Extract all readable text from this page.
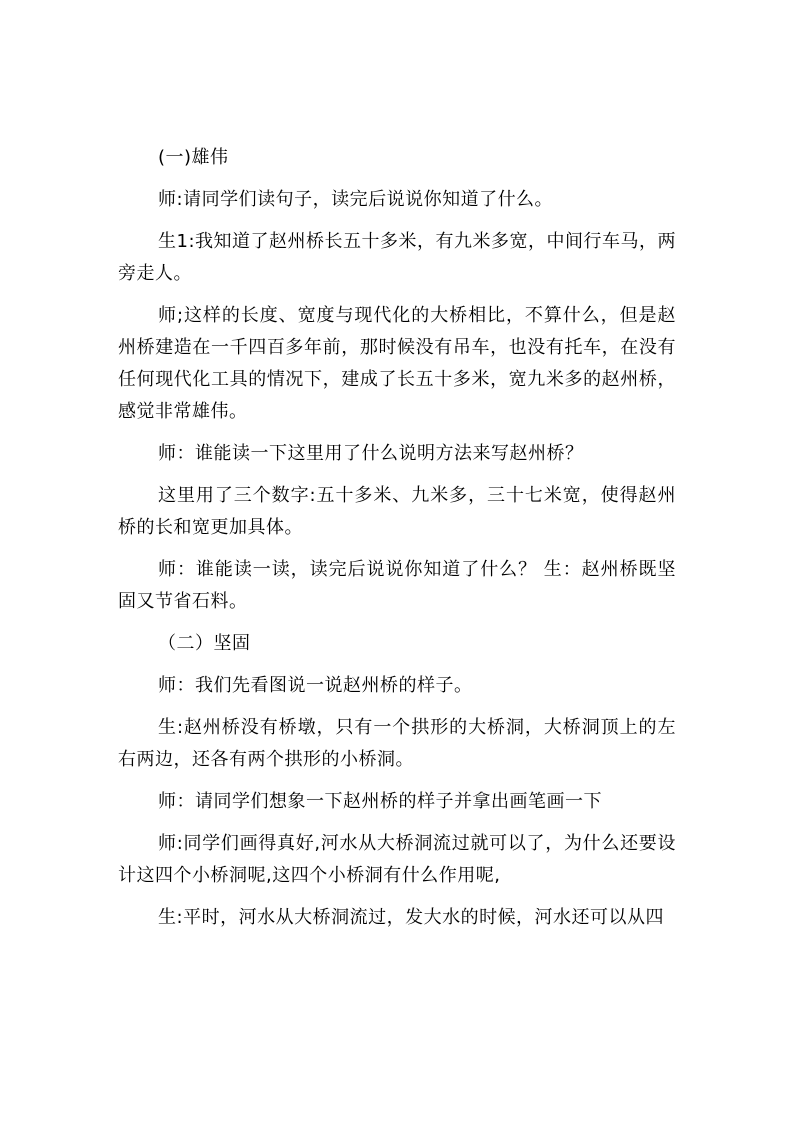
(一)雄伟

师:请同学们读句子，读完后说说你知道了什么。

生1:我知道了赵州桥长五十多米，有九米多宽，中间行车马，两旁走人。

师;这样的长度、宽度与现代化的大桥相比，不算什么，但是赵州桥建造在一千四百多年前，那时候没有吊车，也没有托车，在没有任何现代化工具的情况下，建成了长五十多米，宽九米多的赵州桥，感觉非常雄伟。

师：谁能读一下这里用了什么说明方法来写赵州桥？

这里用了三个数字:五十多米、九米多，三十七米宽，使得赵州桥的长和宽更加具体。

师：谁能读一读，读完后说说你知道了什么？ 生：赵州桥既坚固又节省石料。

（二）坚固

师：我们先看图说一说赵州桥的样子。

生:赵州桥没有桥墩，只有一个拱形的大桥洞，大桥洞顶上的左右两边，还各有两个拱形的小桥洞。

师：请同学们想象一下赵州桥的样子并拿出画笔画一下

师:同学们画得真好,河水从大桥洞流过就可以了，为什么还要设计这四个小桥洞呢,这四个小桥洞有什么作用呢,

生:平时，河水从大桥洞流过，发大水的时候，河水还可以从四
